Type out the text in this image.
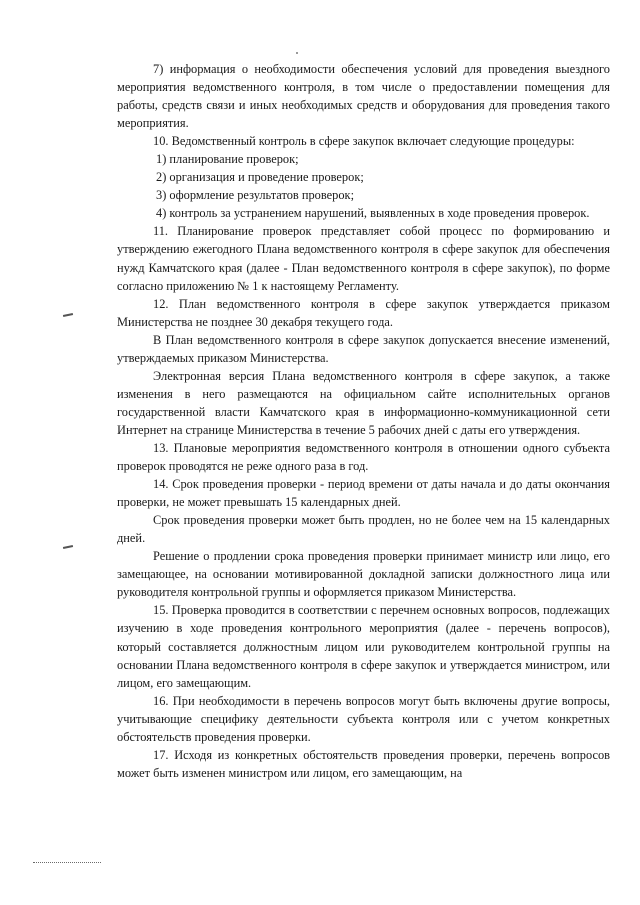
7) информация о необходимости обеспечения условий для проведения выездного мероприятия ведомственного контроля, в том числе о предоставлении помещения для работы, средств связи и иных необходимых средств и оборудования для проведения такого мероприятия.

10. Ведомственный контроль в сфере закупок включает следующие процедуры:

1) планирование проверок;

2) организация и проведение проверок;

3) оформление результатов проверок;

4) контроль за устранением нарушений, выявленных в ходе проведения проверок.

11. Планирование проверок представляет собой процесс по формированию и утверждению ежегодного Плана ведомственного контроля в сфере закупок для обеспечения нужд Камчатского края (далее - План ведомственного контроля в сфере закупок), по форме согласно приложению № 1 к настоящему Регламенту.

12. План ведомственного контроля в сфере закупок утверждается приказом Министерства не позднее 30 декабря текущего года.

В План ведомственного контроля в сфере закупок допускается внесение изменений, утверждаемых приказом Министерства.

Электронная версия Плана ведомственного контроля в сфере закупок, а также изменения в него размещаются на официальном сайте исполнительных органов государственной власти Камчатского края в информационно-коммуникационной сети Интернет на странице Министерства в течение 5 рабочих дней с даты его утверждения.

13. Плановые мероприятия ведомственного контроля в отношении одного субъекта проверок проводятся не реже одного раза в год.

14. Срок проведения проверки - период времени от даты начала и до даты окончания проверки, не может превышать 15 календарных дней.

Срок проведения проверки может быть продлен, но не более чем на 15 календарных дней.

Решение о продлении срока проведения проверки принимает министр или лицо, его замещающее, на основании мотивированной докладной записки должностного лица или руководителя контрольной группы и оформляется приказом Министерства.

15. Проверка проводится в соответствии с перечнем основных вопросов, подлежащих изучению в ходе проведения контрольного мероприятия (далее - перечень вопросов), который составляется должностным лицом или руководителем контрольной группы на основании Плана ведомственного контроля в сфере закупок и утверждается министром, или лицом, его замещающим.

16. При необходимости в перечень вопросов могут быть включены другие вопросы, учитывающие специфику деятельности субъекта контроля или с учетом конкретных обстоятельств проведения проверки.

17. Исходя из конкретных обстоятельств проведения проверки, перечень вопросов может быть изменен министром или лицом, его замещающим, на
